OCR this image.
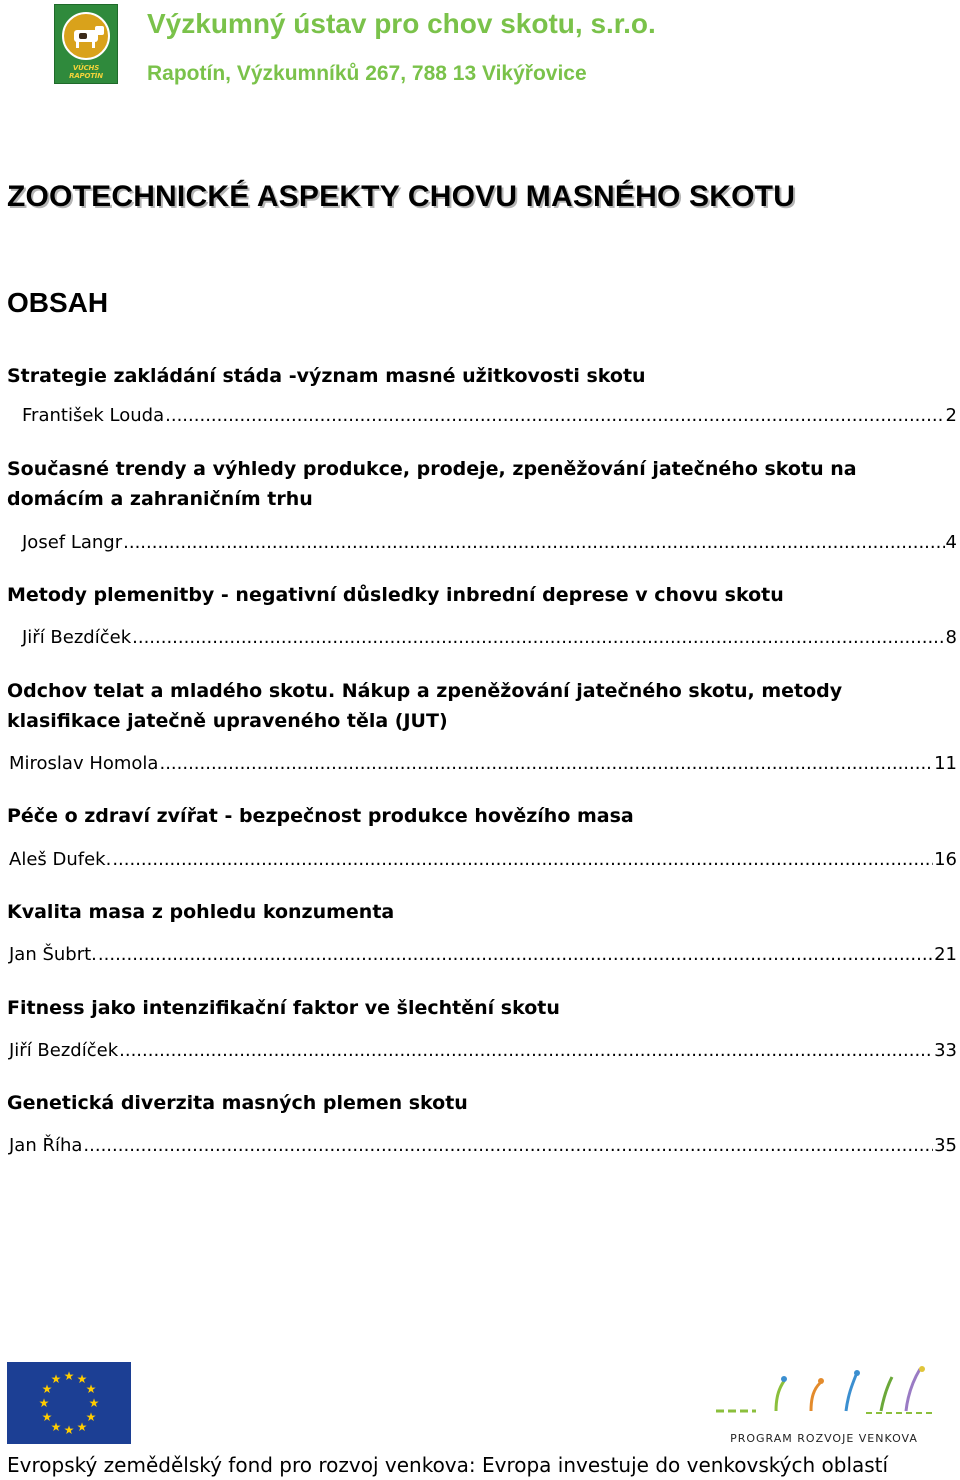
VÚCHS RAPOTÍN
Výzkumný ústav pro chov skotu, s.r.o.
Rapotín, Výzkumníků 267, 788 13 Vikýřovice
ZOOTECHNICKÉ ASPEKTY CHOVU MASNÉHO SKOTU
OBSAH
Strategie zakládání stáda -význam masné užitkovosti skotu
František Louda .....	2
Současné trendy a výhledy produkce, prodeje, zpeněžování jatečného skotu na domácím a zahraničním trhu
Josef Langr .....	4
Metody plemenitby - negativní důsledky inbrední deprese v chovu skotu
Jiří Bezdíček .....	8
Odchov telat a mladého skotu. Nákup a zpeněžování jatečného skotu, metody klasifikace jatečně upraveného těla (JUT)
Miroslav Homola .....	11
Péče o zdraví zvířat - bezpečnost produkce hovězího masa
Aleš Dufek. .....	16
Kvalita masa z pohledu konzumenta
Jan Šubrt. .....	21
Fitness jako intenzifikační faktor ve šlechtění skotu
Jiří Bezdíček .....	33
Genetická diverzita masných plemen skotu
Jan Říha .....	35
★ ★
★
★
★
★
★
★
★
★
★
★
PROGRAM ROZVOJE VENKOVA
Evropský zemědělský fond pro rozvoj venkova: Evropa investuje do venkovských oblastí
